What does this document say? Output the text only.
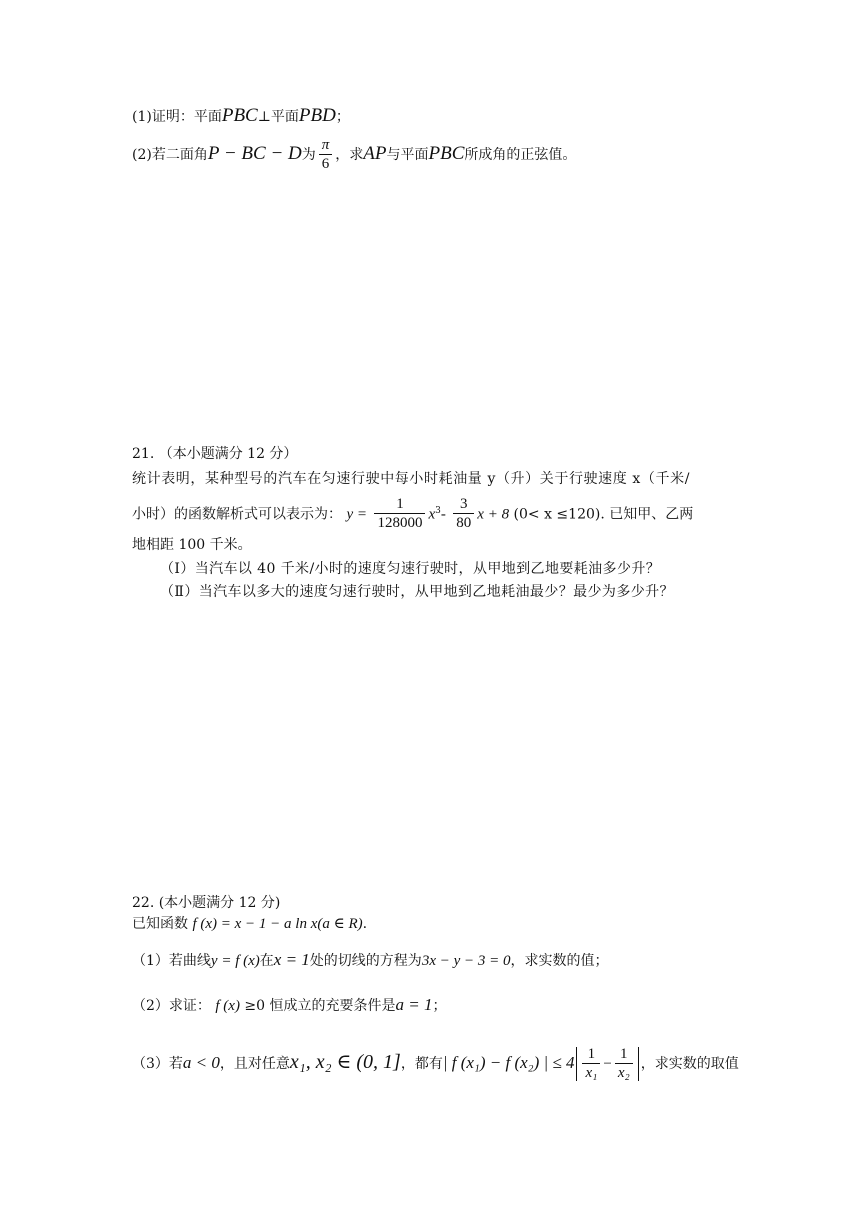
(1)证明：平面PBC⊥平面PBD；
(2)若二面角P − BC − D为 $\frac{\pi}{6}$ ，求AP与平面PBC所成角的正弦值。
21. （本小题满分 12 分）
统计表明，某种型号的汽车在匀速行驶中每小时耗油量 y（升）关于行驶速度 x（千米/
小时）的函数解析式可以表示为： $y = \frac{1}{128000} x^3- \frac{3}{80}$ x + 8 (0< x ≤120). 已知甲、乙两
地相距 100 千米。
（Ⅰ）当汽车以 40 千米/小时的速度匀速行驶时，从甲地到乙地要耗油多少升？
（Ⅱ）当汽车以多大的速度匀速行驶时，从甲地到乙地耗油最少？最少为多少升？
22. (本小题满分 12 分)
已知函数 f (x) = x − 1 − a ln x(a ∈ R).
（1）若曲线y = f (x)在x = 1处的切线的方程为3x − y − 3 = 0，求实数的值；
（2）求证： f (x) ≥0 恒成立的充要条件是a = 1；
（3）若a < 0，且对任意x₁, x₂ ∈ (0, 1]，都有| f (x₁) − f (x₂) | ≤ $4 \frac{1}{\text{x₁}} - \frac{1}{\text{x₂}}$ ，求实数的取值
